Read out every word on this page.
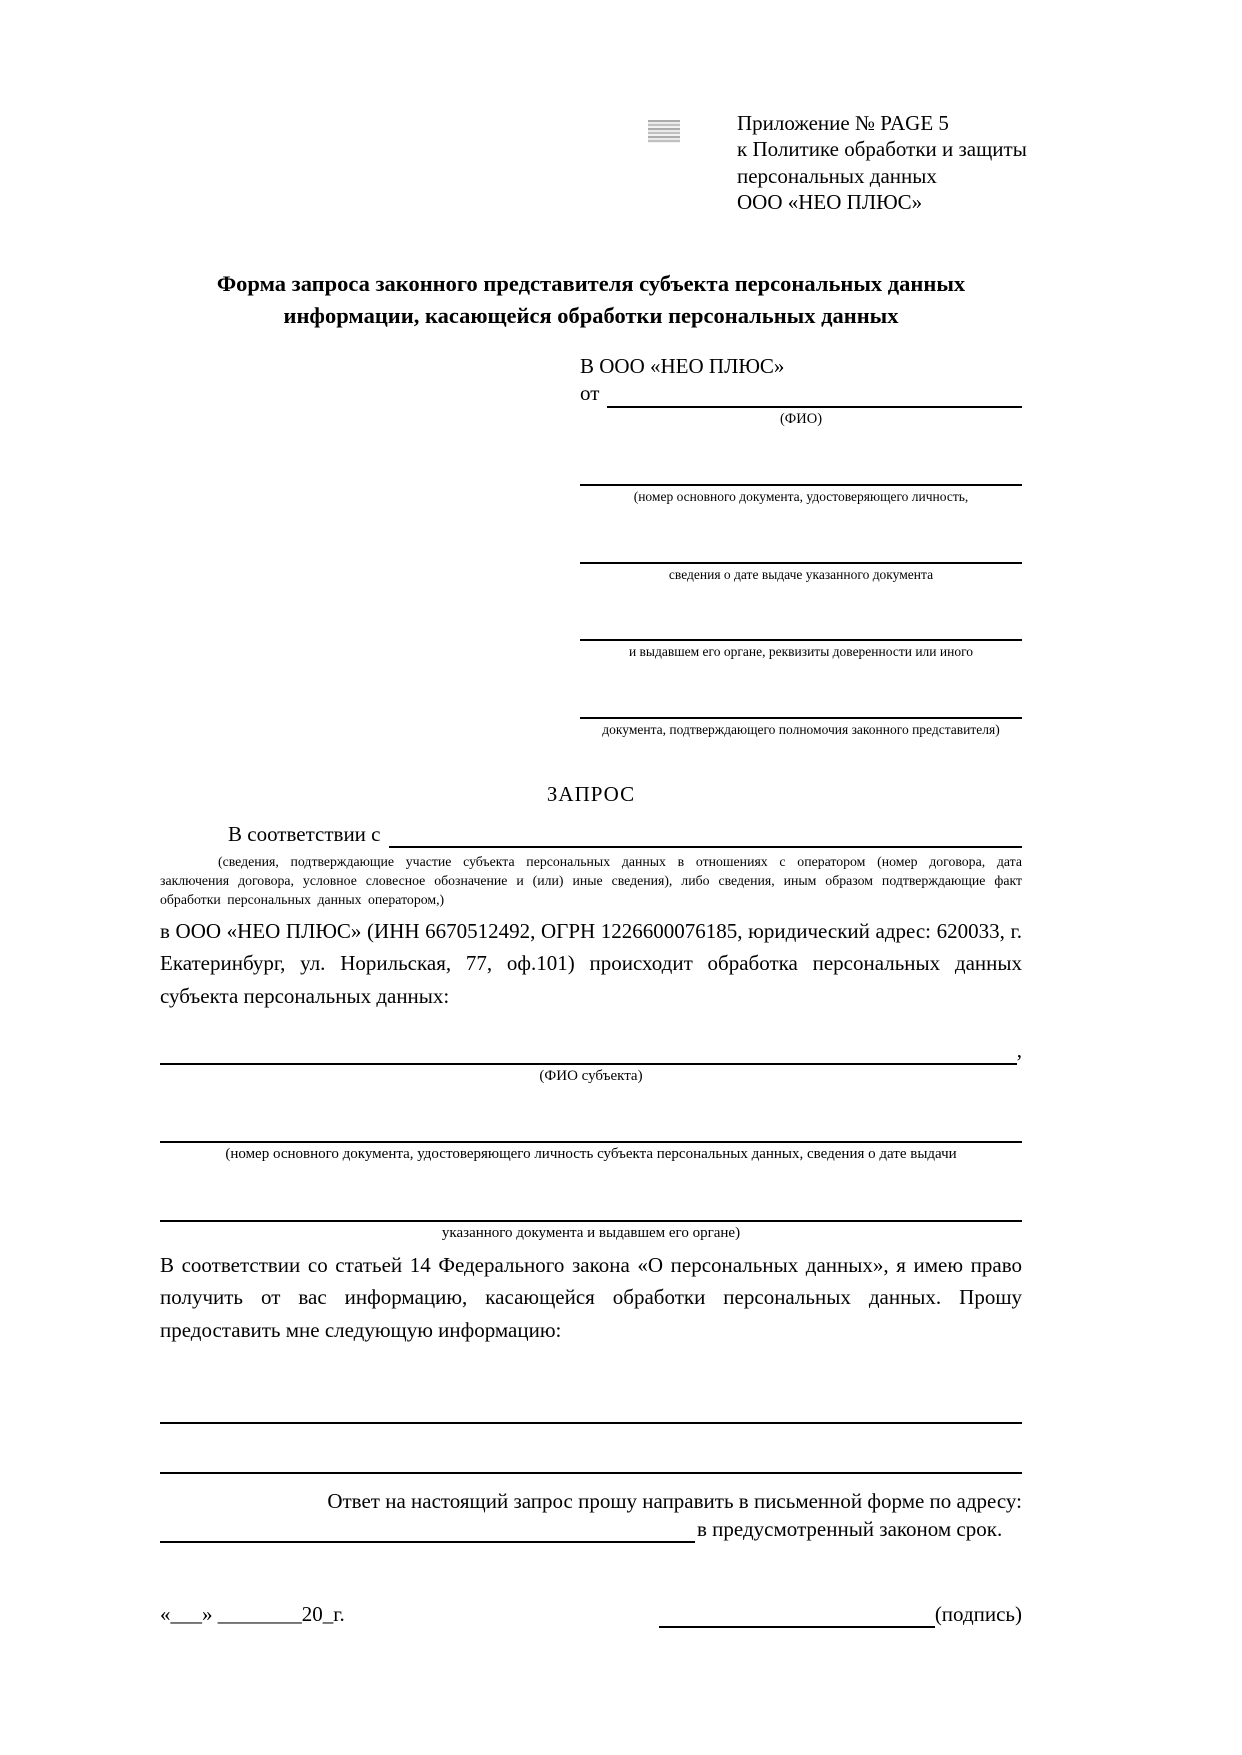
Приложение № PAGE 5
к Политике обработки и защиты
персональных данных
ООО «НЕО ПЛЮС»
Форма запроса законного представителя субъекта персональных данных информации, касающейся обработки персональных данных
В ООО «НЕО ПЛЮС»
от
(ФИО)
(номер основного документа, удостоверяющего личность,
сведения о дате выдаче указанного документа
и выдавшем его органе, реквизиты доверенности или иного
документа, подтверждающего полномочия законного представителя)
ЗАПРОС
В соответствии с

(сведения, подтверждающие участие субъекта персональных данных в отношениях с оператором (номер договора, дата заключения договора, условное словесное обозначение и (или) иные сведения), либо сведения, иным образом подтверждающие факт обработки персональных данных оператором,)

в ООО «НЕО ПЛЮС» (ИНН 6670512492, ОГРН 1226600076185, юридический адрес: 620033, г. Екатеринбург, ул. Норильская, 77, оф.101) происходит обработка персональных данных субъекта персональных данных:

,
(ФИО субъекта)
(номер основного документа, удостоверяющего личность субъекта персональных данных, сведения о дате выдачи
указанного документа и выдавшем его органе)

В соответствии со статьей 14 Федерального закона «О персональных данных», я имею право получить от вас информацию, касающейся обработки персональных данных. Прошу предоставить мне следующую информацию:

Ответ на настоящий запрос прошу направить в письменной форме по адресу:
в предусмотренный законом срок.
«___» ________20_г.	(подпись)
